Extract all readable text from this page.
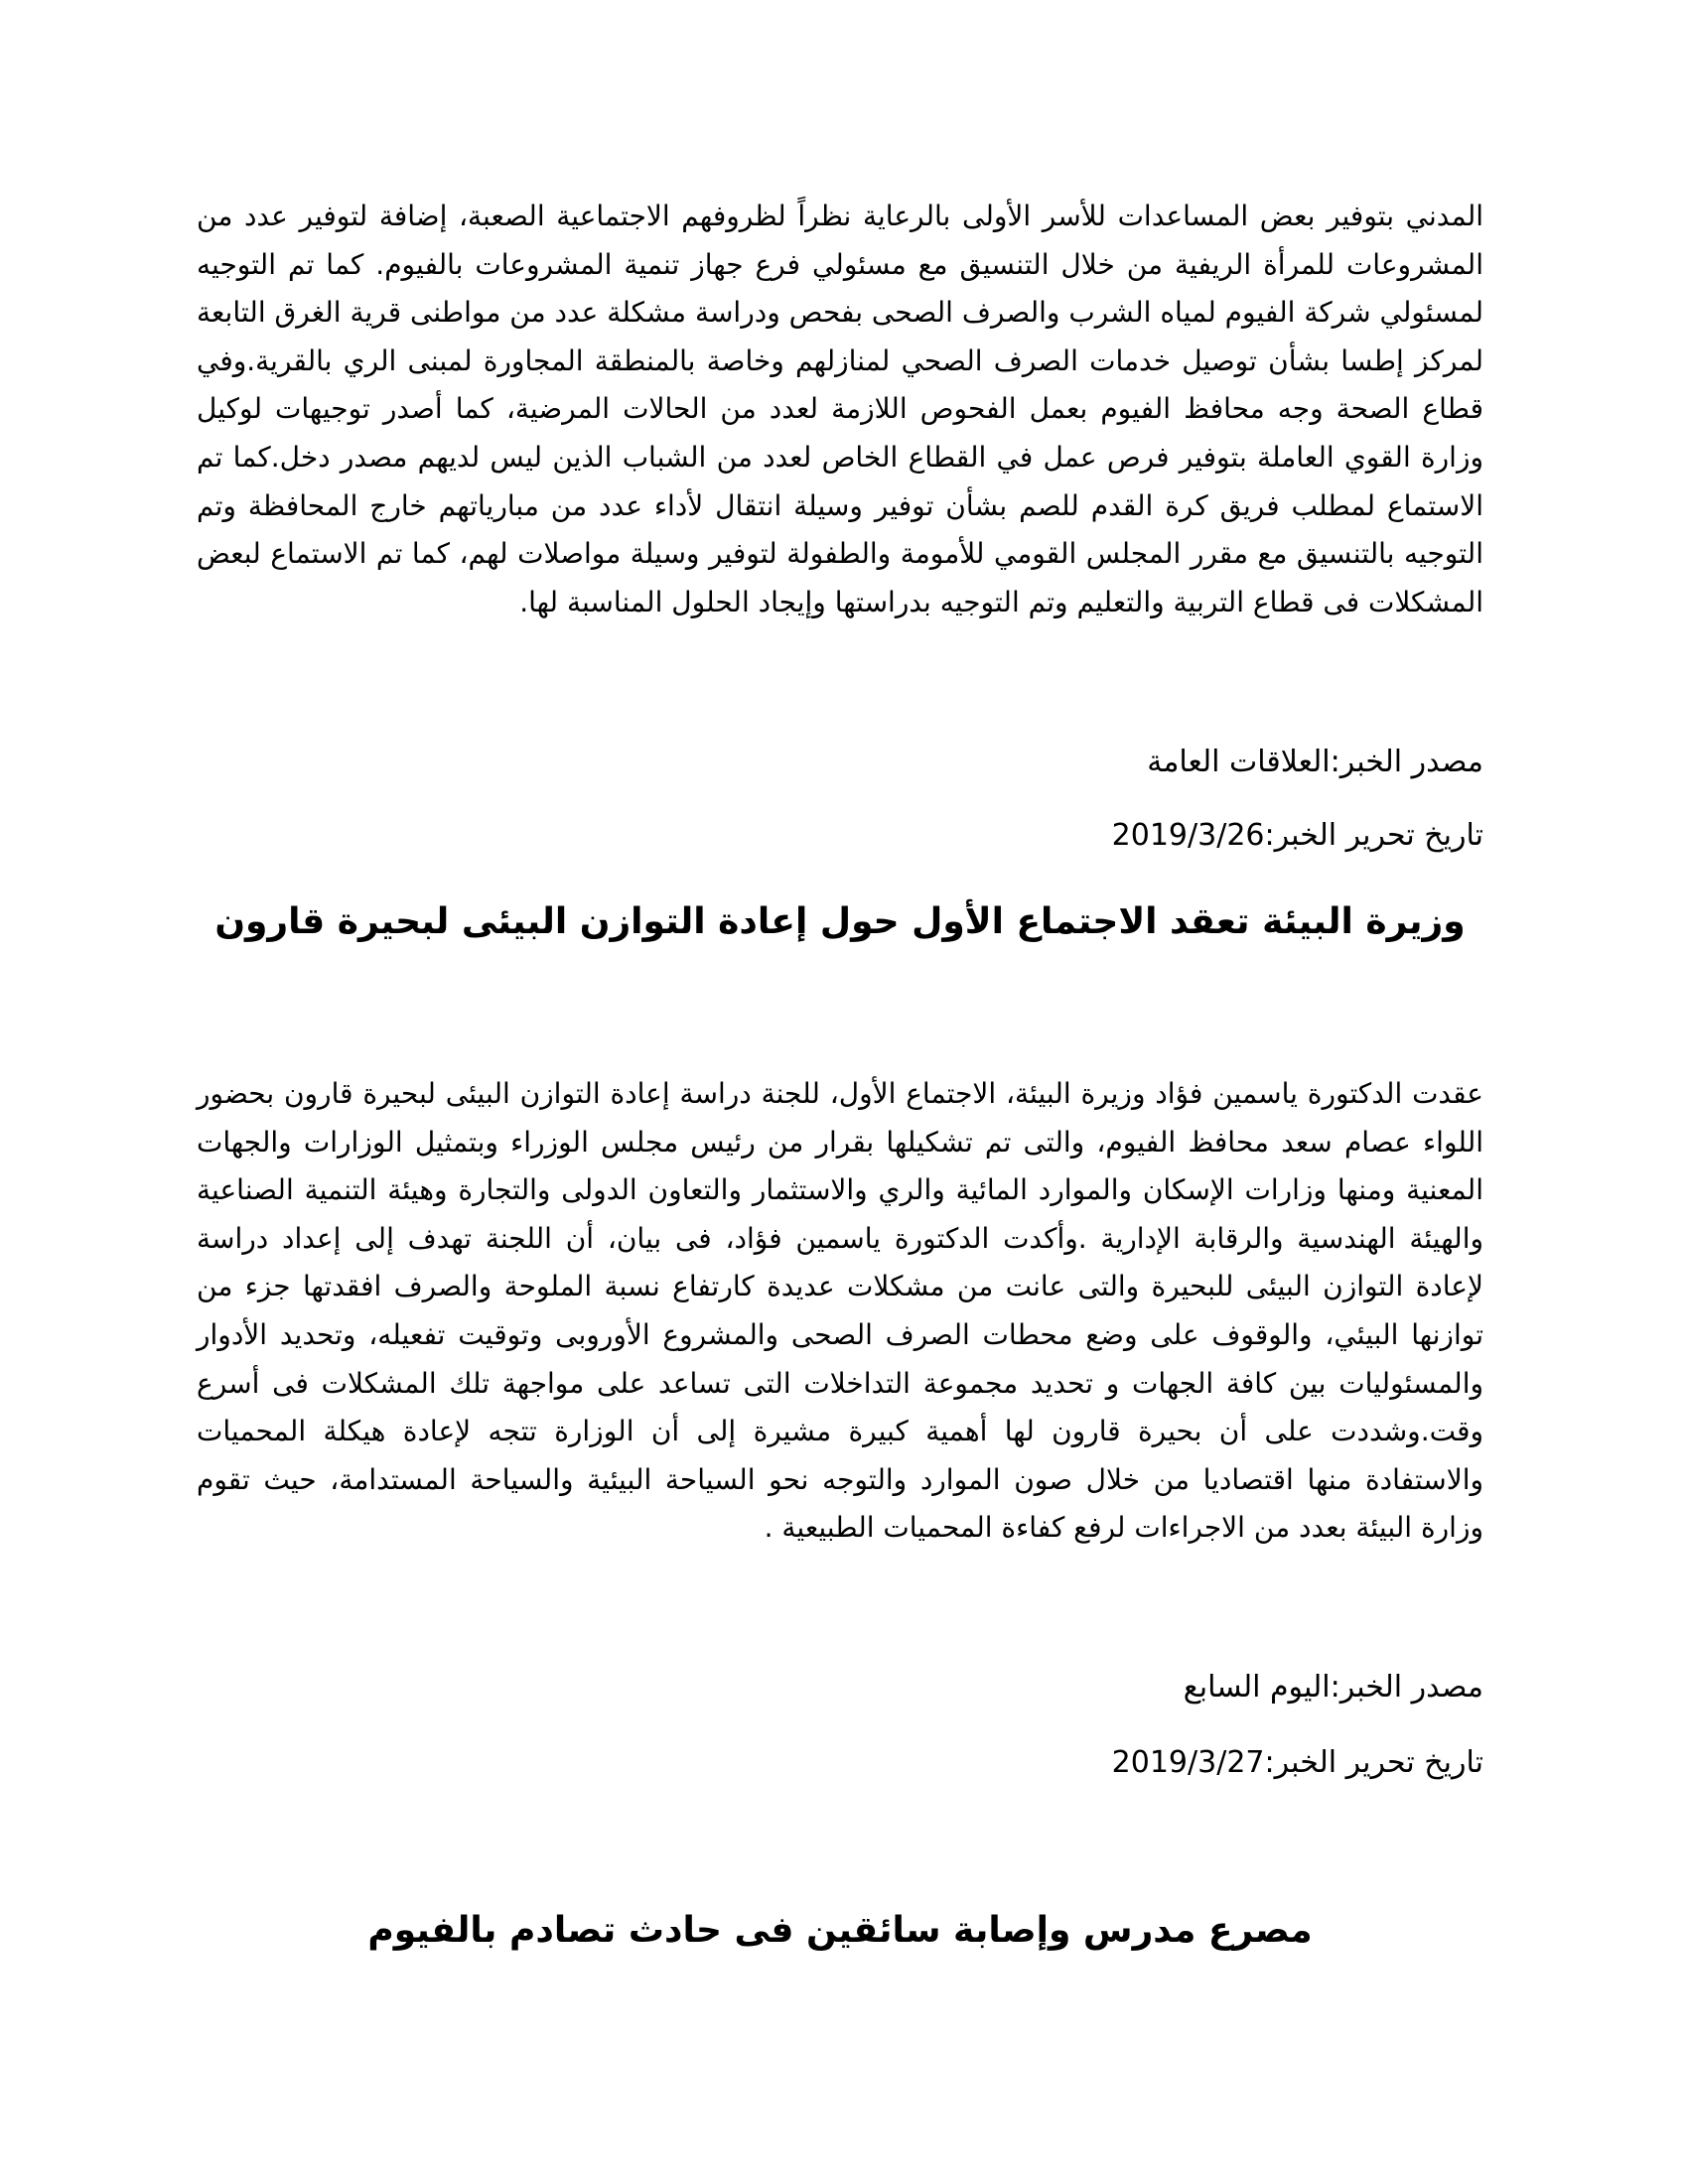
المدني بتوفير بعض المساعدات للأسر الأولى بالرعاية نظراً لظروفهم الاجتماعية الصعبة، إضافة لتوفير عدد من المشروعات للمرأة الريفية من خلال التنسيق مع مسئولي فرع جهاز تنمية المشروعات بالفيوم. كما تم التوجيه لمسئولي شركة الفيوم لمياه الشرب والصرف الصحى بفحص ودراسة مشكلة عدد من مواطنى قرية الغرق التابعة لمركز إطسا بشأن توصيل خدمات الصرف الصحي لمنازلهم وخاصة بالمنطقة المجاورة لمبنى الري بالقرية.وفي قطاع الصحة وجه محافظ الفيوم بعمل الفحوص اللازمة لعدد من الحالات المرضية، كما أصدر توجيهات لوكيل وزارة القوي العاملة بتوفير فرص عمل في القطاع الخاص لعدد من الشباب الذين ليس لديهم مصدر دخل.كما تم الاستماع لمطلب فريق كرة القدم للصم بشأن توفير وسيلة انتقال لأداء عدد من مبارياتهم خارج المحافظة وتم التوجيه بالتنسيق مع مقرر المجلس القومي للأمومة والطفولة لتوفير وسيلة مواصلات لهم، كما تم الاستماع لبعض المشكلات فى قطاع التربية والتعليم وتم التوجيه بدراستها وإيجاد الحلول المناسبة لها.

مصدر الخبر:العلاقات العامة

تاريخ تحرير الخبر:2019/3/26

وزيرة البيئة تعقد الاجتماع الأول حول إعادة التوازن البيئى لبحيرة قارون

عقدت الدكتورة ياسمين فؤاد وزيرة البيئة، الاجتماع الأول، للجنة دراسة إعادة التوازن البيئى لبحيرة قارون بحضور اللواء عصام سعد محافظ الفيوم، والتى تم تشكيلها بقرار من رئيس مجلس الوزراء وبتمثيل الوزارات والجهات المعنية ومنها وزارات الإسكان والموارد المائية والري والاستثمار والتعاون الدولى والتجارة وهيئة التنمية الصناعية والهيئة الهندسية والرقابة الإدارية .وأكدت الدكتورة ياسمين فؤاد، فى بيان، أن اللجنة تهدف إلى إعداد دراسة لإعادة التوازن البيئى للبحيرة والتى عانت من مشكلات عديدة كارتفاع نسبة الملوحة والصرف افقدتها جزء من توازنها البيئي، والوقوف على وضع محطات الصرف الصحى والمشروع الأوروبى وتوقيت تفعيله، وتحديد الأدوار والمسئوليات بين كافة الجهات و تحديد مجموعة التداخلات التى تساعد على مواجهة تلك المشكلات فى أسرع وقت.وشددت على أن بحيرة قارون لها أهمية كبيرة مشيرة إلى أن الوزارة تتجه لإعادة هيكلة المحميات والاستفادة منها اقتصاديا من خلال صون الموارد والتوجه نحو السياحة البيئية والسياحة المستدامة، حيث تقوم وزارة البيئة بعدد من الاجراءات لرفع كفاءة المحميات الطبيعية .

مصدر الخبر:اليوم السابع

تاريخ تحرير الخبر:2019/3/27

مصرع مدرس وإصابة سائقين فى حادث تصادم بالفيوم
